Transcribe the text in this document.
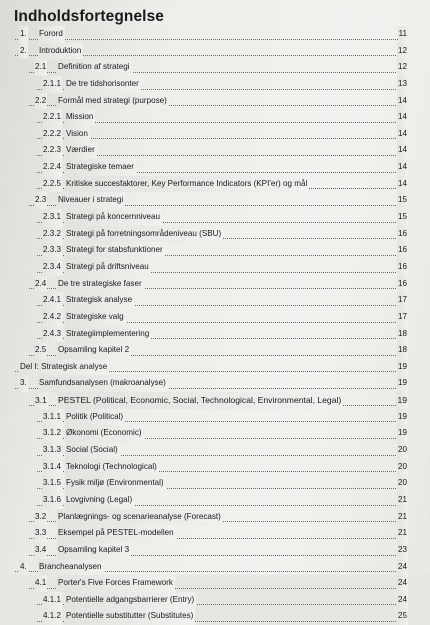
Indholdsfortegnelse
1. Forord	11
2. Introduktion	12
2.1 Definition af strategi	12
2.1.1 De tre tidshorisonter	13
2.2 Formål med strategi (purpose)	14
2.2.1 Mission	14
2.2.2 Vision	14
2.2.3 Værdier	14
2.2.4 Strategiske temaer	14
2.2.5 Kritiske succesfaktorer, Key Performance Indicators (KPI'er) og mål	14
2.3 Niveauer i strategi	15
2.3.1 Strategi på koncernniveau	15
2.3.2 Strategi på forretningsområdeniveau (SBU)	16
2.3.3 Strategi for stabsfunktioner	16
2.3.4 Strategi på driftsniveau	16
2.4 De tre strategiske faser	16
2.4.1 Strategisk analyse	17
2.4.2 Strategiske valg	17
2.4.3 Strategiimplementering	18
2.5 Opsamling kapitel 2	18
Del I: Strategisk analyse	19
3. Samfundsanalysen (makroanalyse)	19
3.1 PESTEL (Political, Economic, Social, Technological, Environmental, Legal)	19
3.1.1 Politik (Political)	19
3.1.2 Økonomi (Economic)	19
3.1.3 Social (Social)	20
3.1.4 Teknologi (Technological)	20
3.1.5 Fysik miljø (Environmental)	20
3.1.6 Lovgivning (Legal)	21
3.2 Planlægnings- og scenarieanalyse (Forecast)	21
3.3 Eksempel på PESTEL-modellen	21
3.4 Opsamling kapitel 3	23
4. Brancheanalysen	24
4.1 Porter's Five Forces Framework	24
4.1.1 Potentielle adgangsbarrierer (Entry)	24
4.1.2 Potentielle substitutter (Substitutes)	25
